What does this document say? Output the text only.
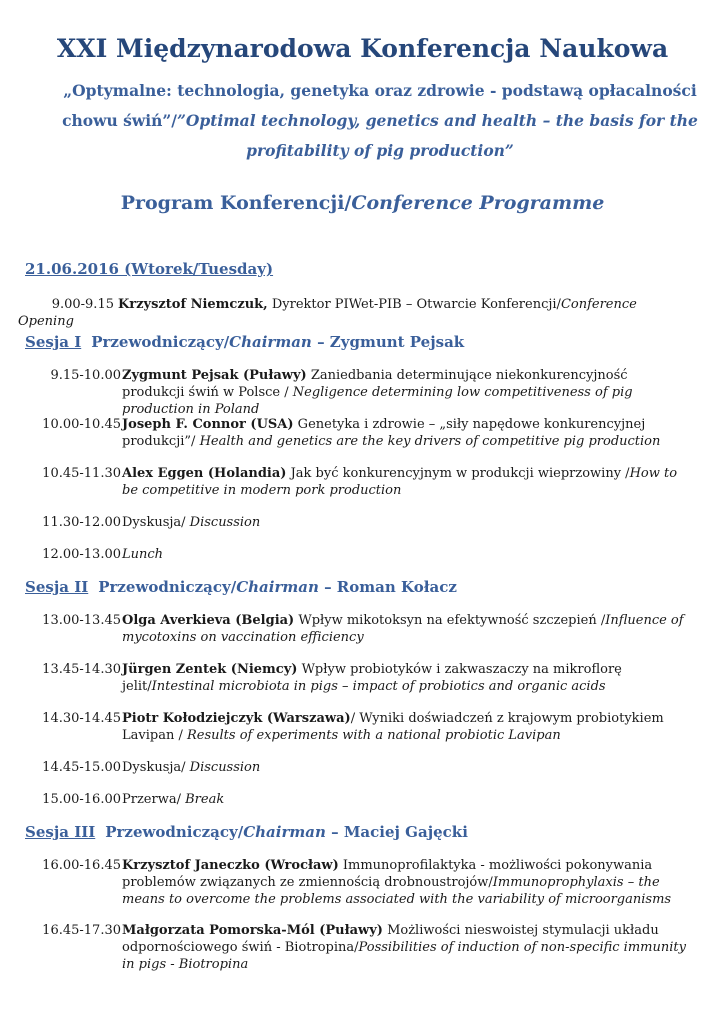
XXI Międzynarodowa Konferencja Naukowa
„Optymalne: technologia, genetyka oraz zdrowie - podstawą opłacalności chowu świń”/”Optimal technology, genetics and health – the basis for the profitability of pig production”
Program Konferencji/Conference Programme
21.06.2016 (Wtorek/Tuesday)
9.00-9.15 Krzysztof Niemczuk, Dyrektor PIWet-PIB – Otwarcie Konferencji/Conference Opening
Sesja I Przewodniczący/Chairman – Zygmunt Pejsak
9.15-10.00 Zygmunt Pejsak (Puławy) Zaniedbania determinujące niekonkurencyjność produkcji świń w Polsce / Negligence determining low competitiveness of pig production in Poland
10.00-10.45 Joseph F. Connor (USA) Genetyka i zdrowie – „siły napędowe konkurencyjnej produkcji”/ Health and genetics are the key drivers of competitive pig production
10.45-11.30 Alex Eggen (Holandia) Jak być konkurencyjnym w produkcji wieprzowiny /How to be competitive in modern pork production
11.30-12.00 Dyskusja/ Discussion
12.00-13.00 Lunch
Sesja II Przewodniczący/Chairman – Roman Kołacz
13.00-13.45 Olga Averkieva (Belgia) Wpływ mikotoksyn na efektywność szczepień /Influence of mycotoxins on vaccination efficiency
13.45-14.30 Jürgen Zentek (Niemcy) Wpływ probiotyków i zakwaszaczy na mikroflorę jelit/Intestinal microbiota in pigs – impact of probiotics and organic acids
14.30-14.45 Piotr Kołodziejczyk (Warszawa)/ Wyniki doświadczeń z krajowym probiotykiem Lavipan / Results of experiments with a national probiotic Lavipan
14.45-15.00 Dyskusja/ Discussion
15.00-16.00 Przerwa/ Break
Sesja III Przewodniczący/Chairman – Maciej Gajęcki
16.00-16.45 Krzysztof Janeczko (Wrocław) Immunoprofilaktyka - możliwości pokonywania problemów związanych ze zmiennością drobnoustrojów/Immunoprophylaxis – the means to overcome the problems associated with the variability of microorganisms
16.45-17.30 Małgorzata Pomorska-Mól (Puławy) Możliwości nieswoistej stymulacji układu odpornościowego świń - Biotropina/Possibilities of induction of non-specific immunity in pigs - Biotropina
